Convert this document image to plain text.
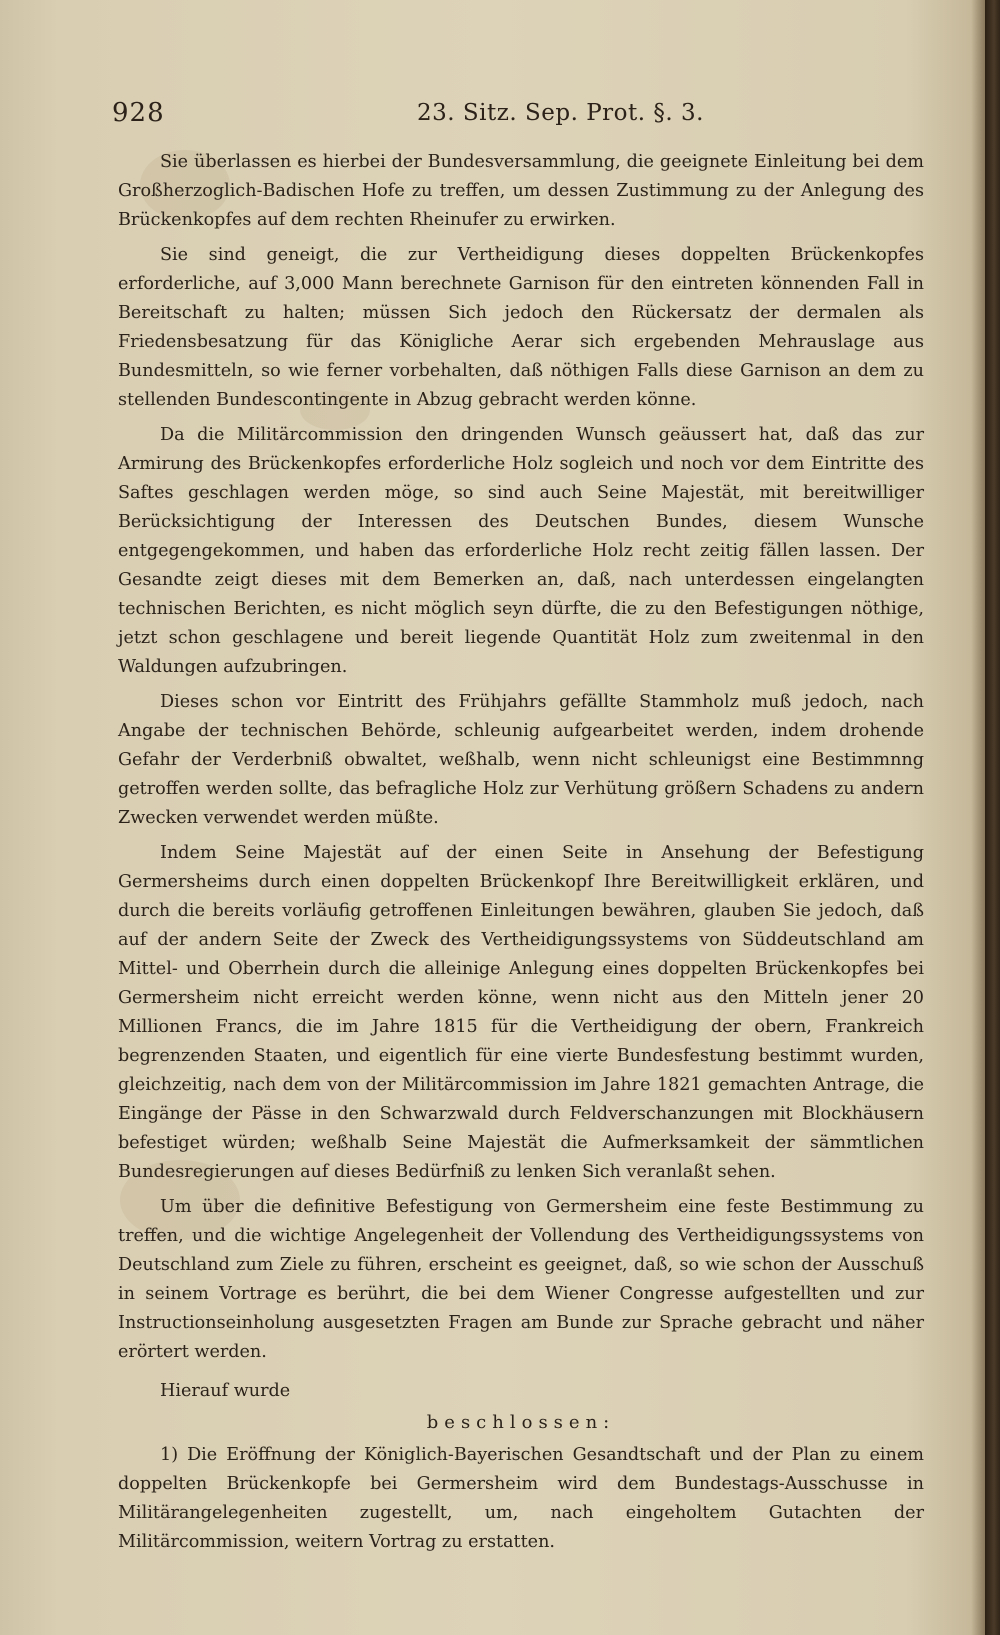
928	23. Sitz. Sep. Prot. §. 3.

Sie überlassen es hierbei der Bundesversammlung, die geeignete Einleitung bei dem Großherzoglich-Badischen Hofe zu treffen, um dessen Zustimmung zu der Anlegung des Brückenkopfes auf dem rechten Rheinufer zu erwirken.

Sie sind geneigt, die zur Vertheidigung dieses doppelten Brückenkopfes erforderliche, auf 3,000 Mann berechnete Garnison für den eintreten könnenden Fall in Bereitschaft zu halten; müssen Sich jedoch den Rückersatz der dermalen als Friedensbesatzung für das Königliche Aerar sich ergebenden Mehrauslage aus Bundesmitteln, so wie ferner vorbehalten, daß nöthigen Falls diese Garnison an dem zu stellenden Bundescontingente in Abzug gebracht werden könne.

Da die Militärcommission den dringenden Wunsch geäussert hat, daß das zur Armirung des Brückenkopfes erforderliche Holz sogleich und noch vor dem Eintritte des Saftes geschlagen werden möge, so sind auch Seine Majestät, mit bereitwilliger Berücksichtigung der Interessen des Deutschen Bundes, diesem Wunsche entgegengekommen, und haben das erforderliche Holz recht zeitig fällen lassen. Der Gesandte zeigt dieses mit dem Bemerken an, daß, nach unterdessen eingelangten technischen Berichten, es nicht möglich seyn dürfte, die zu den Befestigungen nöthige, jetzt schon geschlagene und bereit liegende Quantität Holz zum zweitenmal in den Waldungen aufzubringen.

Dieses schon vor Eintritt des Frühjahrs gefällte Stammholz muß jedoch, nach Angabe der technischen Behörde, schleunig aufgearbeitet werden, indem drohende Gefahr der Verderbniß obwaltet, weßhalb, wenn nicht schleunigst eine Bestimmnng getroffen werden sollte, das befragliche Holz zur Verhütung größern Schadens zu andern Zwecken verwendet werden müßte.

Indem Seine Majestät auf der einen Seite in Ansehung der Befestigung Germersheims durch einen doppelten Brückenkopf Ihre Bereitwilligkeit erklären, und durch die bereits vorläufig getroffenen Einleitungen bewähren, glauben Sie jedoch, daß auf der andern Seite der Zweck des Vertheidigungssystems von Süddeutschland am Mittel- und Oberrhein durch die alleinige Anlegung eines doppelten Brückenkopfes bei Germersheim nicht erreicht werden könne, wenn nicht aus den Mitteln jener 20 Millionen Francs, die im Jahre 1815 für die Vertheidigung der obern, Frankreich begrenzenden Staaten, und eigentlich für eine vierte Bundesfestung bestimmt wurden, gleichzeitig, nach dem von der Militärcommission im Jahre 1821 gemachten Antrage, die Eingänge der Pässe in den Schwarzwald durch Feldverschanzungen mit Blockhäusern befestiget würden; weßhalb Seine Majestät die Aufmerksamkeit der sämmtlichen Bundesregierungen auf dieses Bedürfniß zu lenken Sich veranlaßt sehen.

Um über die definitive Befestigung von Germersheim eine feste Bestimmung zu treffen, und die wichtige Angelegenheit der Vollendung des Vertheidigungssystems von Deutschland zum Ziele zu führen, erscheint es geeignet, daß, so wie schon der Ausschuß in seinem Vortrage es berührt, die bei dem Wiener Congresse aufgestellten und zur Instructionseinholung ausgesetzten Fragen am Bunde zur Sprache gebracht und näher erörtert werden.

Hierauf wurde

beschlossen:

1) Die Eröffnung der Königlich-Bayerischen Gesandtschaft und der Plan zu einem doppelten Brückenkopfe bei Germersheim wird dem Bundestags-Ausschusse in Militärangelegenheiten zugestellt, um, nach eingeholtem Gutachten der Militärcommission, weitern Vortrag zu erstatten.
